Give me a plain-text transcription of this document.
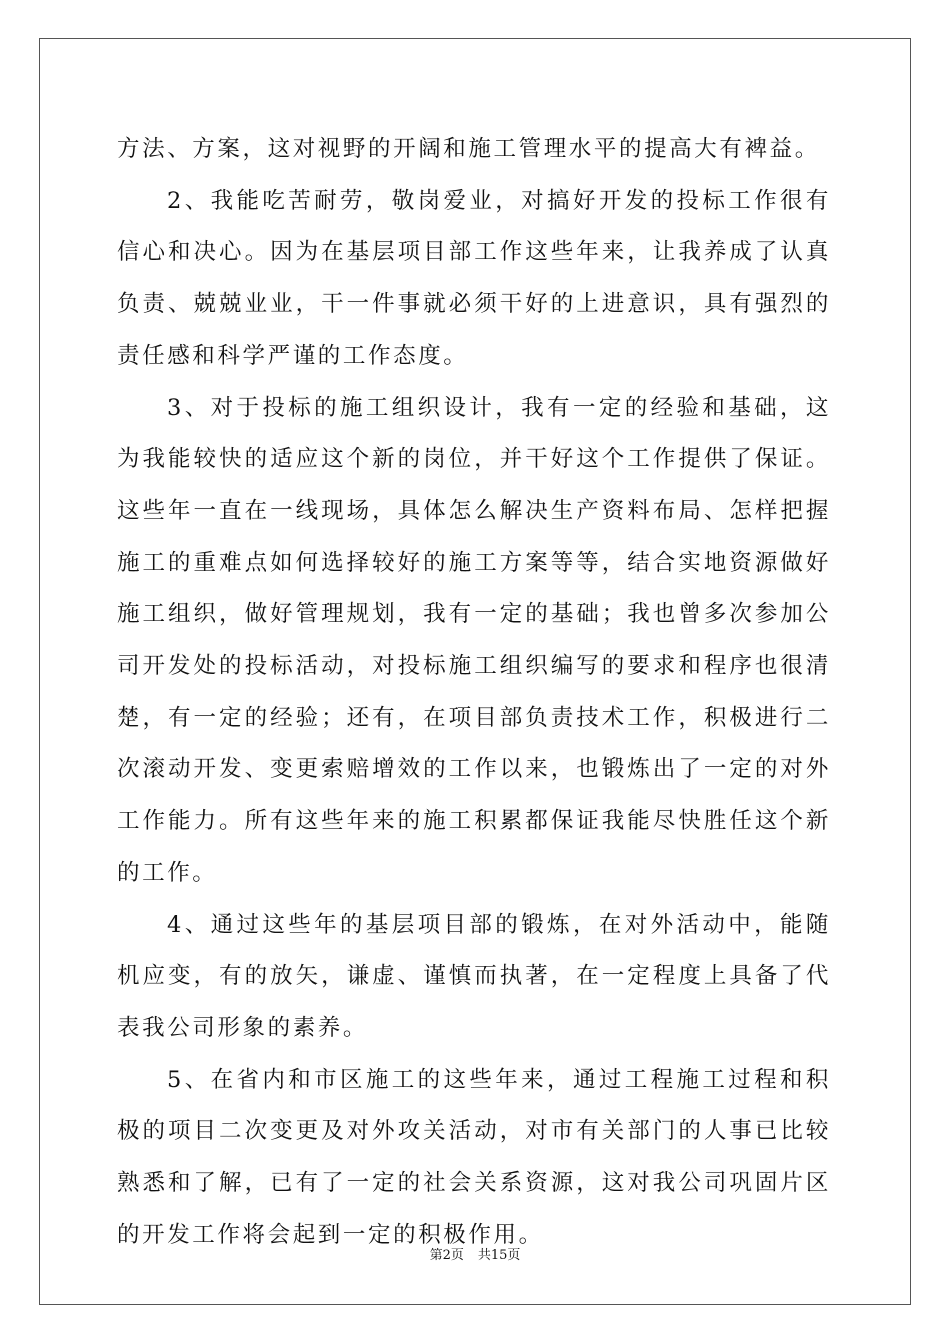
方法、方案，这对视野的开阔和施工管理水平的提高大有裨益。

2、我能吃苦耐劳，敬岗爱业，对搞好开发的投标工作很有信心和决心。因为在基层项目部工作这些年来，让我养成了认真负责、兢兢业业，干一件事就必须干好的上进意识，具有强烈的责任感和科学严谨的工作态度。

3、对于投标的施工组织设计，我有一定的经验和基础，这为我能较快的适应这个新的岗位，并干好这个工作提供了保证。这些年一直在一线现场，具体怎么解决生产资料布局、怎样把握施工的重难点如何选择较好的施工方案等等，结合实地资源做好施工组织，做好管理规划，我有一定的基础；我也曾多次参加公司开发处的投标活动，对投标施工组织编写的要求和程序也很清楚，有一定的经验；还有，在项目部负责技术工作，积极进行二次滚动开发、变更索赔增效的工作以来，也锻炼出了一定的对外工作能力。所有这些年来的施工积累都保证我能尽快胜任这个新的工作。

4、通过这些年的基层项目部的锻炼，在对外活动中，能随机应变，有的放矢，谦虚、谨慎而执著，在一定程度上具备了代表我公司形象的素养。

5、在省内和市区施工的这些年来，通过工程施工过程和积极的项目二次变更及对外攻关活动，对市有关部门的人事已比较熟悉和了解，已有了一定的社会关系资源，这对我公司巩固片区的开发工作将会起到一定的积极作用。

第2页 共15页
